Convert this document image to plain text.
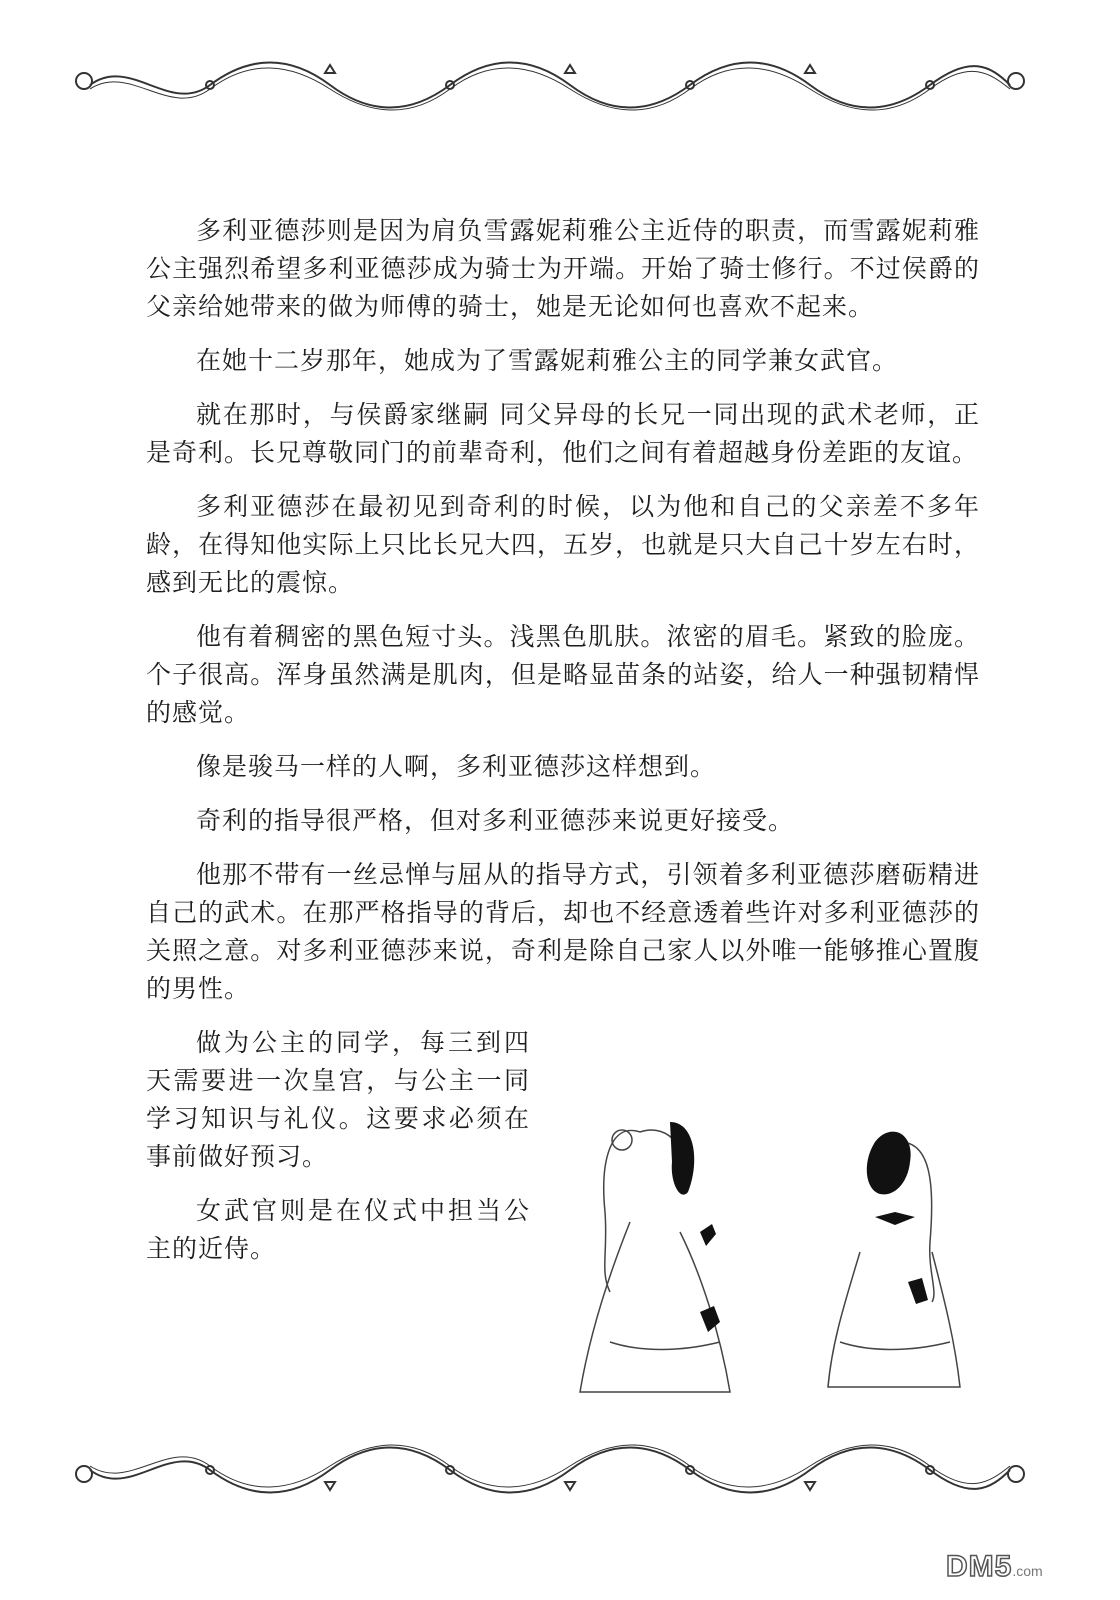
多利亚德莎则是因为肩负雪露妮莉雅公主近侍的职责，而雪露妮莉雅公主强烈希望多利亚德莎成为骑士为开端。开始了骑士修行。不过侯爵的父亲给她带来的做为师傅的骑士，她是无论如何也喜欢不起来。

在她十二岁那年，她成为了雪露妮莉雅公主的同学兼女武官。

就在那时，与侯爵家继嗣 同父异母的长兄一同出现的武术老师，正是奇利。长兄尊敬同门的前辈奇利，他们之间有着超越身份差距的友谊。

多利亚德莎在最初见到奇利的时候，以为他和自己的父亲差不多年龄，在得知他实际上只比长兄大四，五岁，也就是只大自己十岁左右时，感到无比的震惊。

他有着稠密的黑色短寸头。浅黑色肌肤。浓密的眉毛。紧致的脸庞。个子很高。浑身虽然满是肌肉，但是略显苗条的站姿，给人一种强韧精悍的感觉。

像是骏马一样的人啊，多利亚德莎这样想到。

奇利的指导很严格，但对多利亚德莎来说更好接受。

他那不带有一丝忌惮与屈从的指导方式，引领着多利亚德莎磨砺精进自己的武术。在那严格指导的背后，却也不经意透着些许对多利亚德莎的关照之意。对多利亚德莎来说，奇利是除自己家人以外唯一能够推心置腹的男性。

做为公主的同学，每三到四天需要进一次皇宫，与公主一同学习知识与礼仪。这要求必须在事前做好预习。

女武官则是在仪式中担当公主的近侍。

DM5.com
